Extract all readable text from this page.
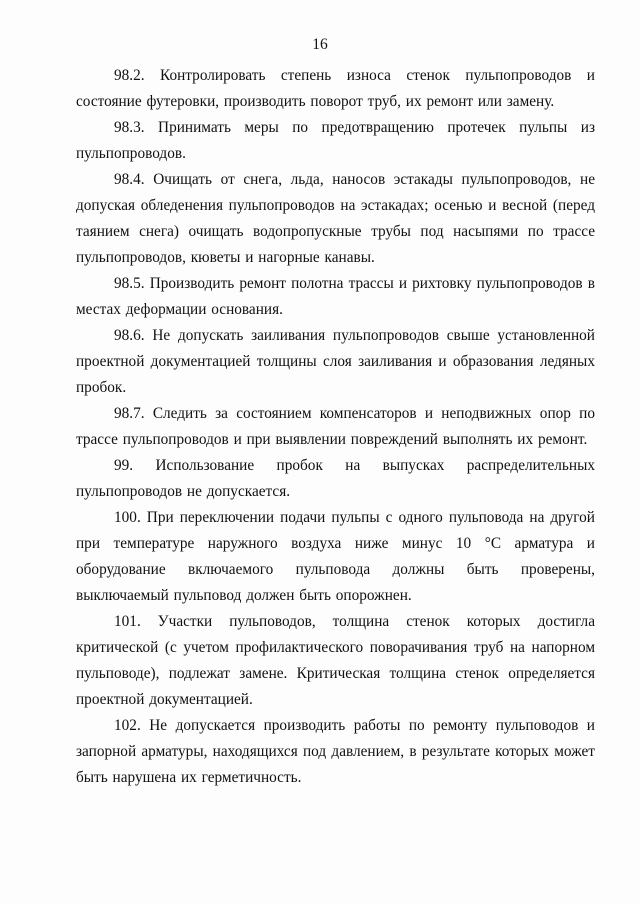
16

98.2. Контролировать степень износа стенок пульпопроводов и состояние футеровки, производить поворот труб, их ремонт или замену.

98.3. Принимать меры по предотвращению протечек пульпы из пульпопроводов.

98.4. Очищать от снега, льда, наносов эстакады пульпопроводов, не допуская обледенения пульпопроводов на эстакадах; осенью и весной (перед таянием снега) очищать водопропускные трубы под насыпями по трассе пульпопроводов, кюветы и нагорные канавы.

98.5. Производить ремонт полотна трассы и рихтовку пульпопроводов в местах деформации основания.

98.6. Не допускать заиливания пульпопроводов свыше установленной проектной документацией толщины слоя заиливания и образования ледяных пробок.

98.7. Следить за состоянием компенсаторов и неподвижных опор по трассе пульпопроводов и при выявлении повреждений выполнять их ремонт.

99. Использование пробок на выпусках распределительных пульпопроводов не допускается.

100. При переключении подачи пульпы с одного пульповода на другой при температуре наружного воздуха ниже минус 10 °С арматура и оборудование включаемого пульповода должны быть проверены, выключаемый пульповод должен быть опорожнен.

101. Участки пульповодов, толщина стенок которых достигла критической (с учетом профилактического поворачивания труб на напорном пульповоде), подлежат замене. Критическая толщина стенок определяется проектной документацией.

102. Не допускается производить работы по ремонту пульповодов и запорной арматуры, находящихся под давлением, в результате которых может быть нарушена их герметичность.
